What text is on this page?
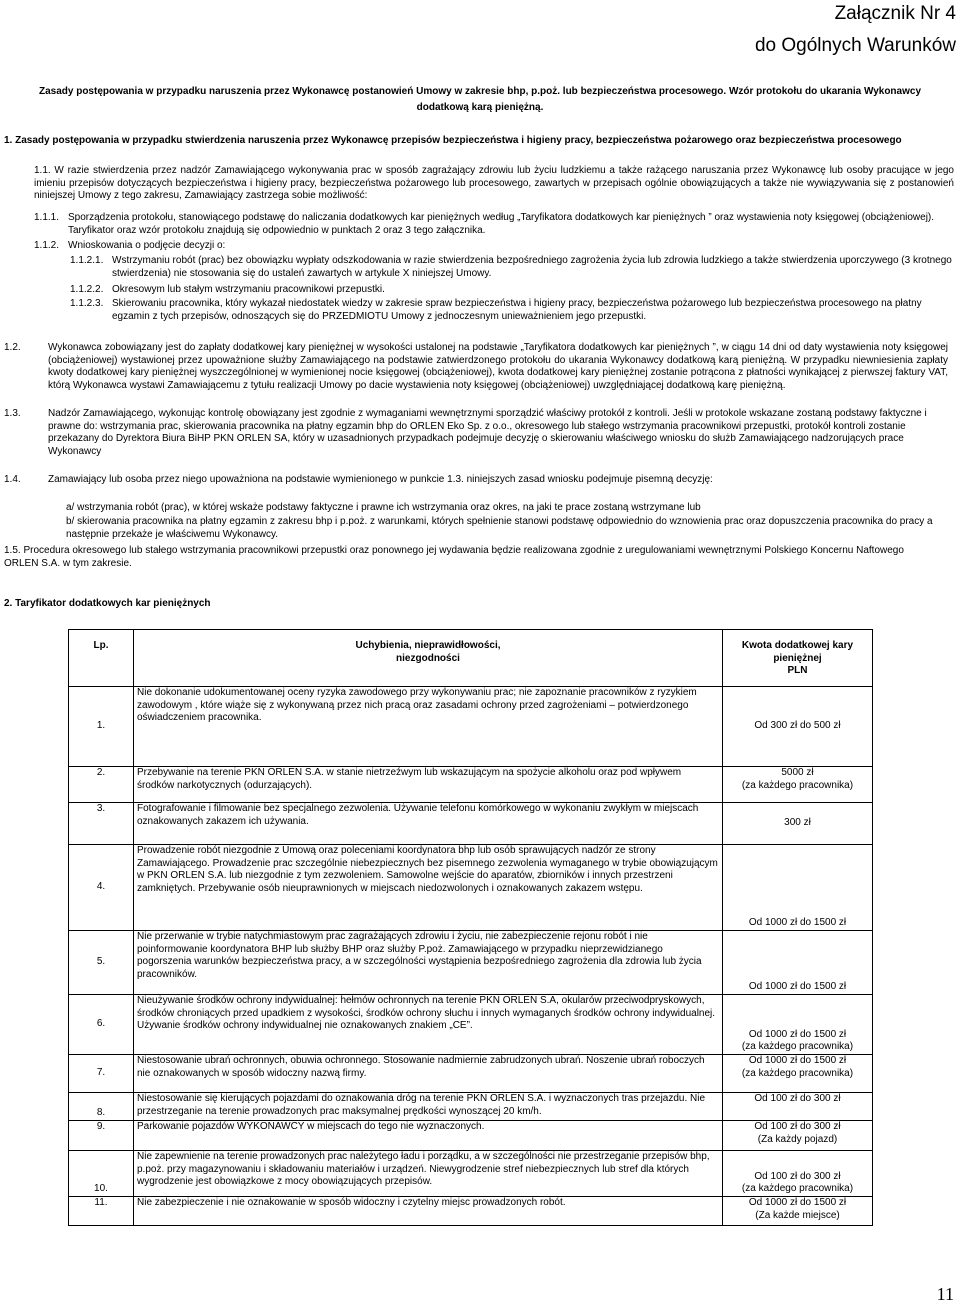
Załącznik Nr 4
do Ogólnych Warunków
Zasady postępowania w przypadku naruszenia przez Wykonawcę postanowień Umowy w zakresie bhp, p.poż. lub bezpieczeństwa procesowego. Wzór protokołu do ukarania Wykonawcy dodatkową karą pieniężną.
1. Zasady postępowania w przypadku stwierdzenia naruszenia przez Wykonawcę przepisów bezpieczeństwa i higieny pracy, bezpieczeństwa pożarowego oraz bezpieczeństwa procesowego
1.1. W razie stwierdzenia przez nadzór Zamawiającego wykonywania prac w sposób zagrażający zdrowiu lub życiu ludzkiemu a także rażącego naruszania przez Wykonawcę lub osoby pracujące w jego imieniu przepisów dotyczących bezpieczeństwa i higieny pracy, bezpieczeństwa pożarowego lub procesowego, zawartych w przepisach ogólnie obowiązujących a także nie wywiązywania się z postanowień niniejszej Umowy z tego zakresu, Zamawiający zastrzega sobie możliwość:
1.1.1. Sporządzenia protokołu, stanowiącego podstawę do naliczania dodatkowych kar pieniężnych według „Taryfikatora dodatkowych kar pieniężnych ” oraz wystawienia noty księgowej (obciążeniowej). Taryfikator oraz wzór protokołu znajdują się odpowiednio w punktach 2 oraz 3 tego załącznika.
1.1.2. Wnioskowania o podjęcie decyzji o:
1.1.2.1. Wstrzymaniu robót (prac) bez obowiązku wypłaty odszkodowania w razie stwierdzenia bezpośredniego zagrożenia życia lub zdrowia ludzkiego a także stwierdzenia uporczywego (3 krotnego stwierdzenia) nie stosowania się do ustaleń zawartych w artykule X niniejszej Umowy.
1.1.2.2. Okresowym lub stałym wstrzymaniu pracownikowi przepustki.
1.1.2.3. Skierowaniu pracownika, który wykazał niedostatek wiedzy w zakresie spraw bezpieczeństwa i higieny pracy, bezpieczeństwa pożarowego lub bezpieczeństwa procesowego na płatny egzamin z tych przepisów, odnoszących się do PRZEDMIOTU Umowy z jednoczesnym unieważnieniem jego przepustki.
1.2.	Wykonawca zobowiązany jest do zapłaty dodatkowej kary pieniężnej w wysokości ustalonej na podstawie „Taryfikatora dodatkowych kar pieniężnych ”, w ciągu 14 dni od daty wystawienia noty księgowej (obciążeniowej) wystawionej przez upoważnione służby Zamawiającego na podstawie zatwierdzonego protokołu do ukarania Wykonawcy dodatkową karą pieniężną. W przypadku niewniesienia zapłaty kwoty dodatkowej kary pieniężnej wyszczególnionej w wymienionej nocie księgowej (obciążeniowej), kwota dodatkowej kary pieniężnej zostanie potrącona z płatności wynikającej z pierwszej faktury VAT, którą Wykonawca wystawi Zamawiającemu z tytułu realizacji Umowy po dacie wystawienia noty księgowej (obciążeniowej) uwzględniającej dodatkową karę pieniężną.
1.3.	Nadzór Zamawiającego, wykonując kontrolę obowiązany jest zgodnie z wymaganiami wewnętrznymi sporządzić właściwy protokół z kontroli. Jeśli w protokole wskazane zostaną podstawy faktyczne i prawne do: wstrzymania prac, skierowania pracownika na płatny egzamin bhp do ORLEN Eko Sp. z o.o., okresowego lub stałego wstrzymania pracownikowi przepustki, protokół kontroli zostanie przekazany do Dyrektora Biura BiHP PKN ORLEN SA, który w uzasadnionych przypadkach podejmuje decyzję o skierowaniu właściwego wniosku do służb Zamawiającego nadzorujących prace Wykonawcy
1.4.	Zamawiający lub osoba przez niego upoważniona na podstawie wymienionego w punkcie 1.3. niniejszych zasad wniosku podejmuje pisemną decyzję:
a/ wstrzymania robót (prac), w której wskaże podstawy faktyczne i prawne ich wstrzymania oraz okres, na jaki te prace zostaną wstrzymane lub
b/ skierowania pracownika na płatny egzamin z zakresu bhp i p.poż. z warunkami, których spełnienie stanowi podstawę odpowiednio do wznowienia prac oraz dopuszczenia pracownika do pracy a następnie przekaże je właściwemu Wykonawcy.
1.5. Procedura okresowego lub stałego wstrzymania pracownikowi przepustki oraz ponownego jej wydawania będzie realizowana zgodnie z uregulowaniami wewnętrznymi Polskiego Koncernu Naftowego ORLEN S.A. w tym zakresie.
2. Taryfikator dodatkowych kar pieniężnych
Lp.	Uchybienia, nieprawidłowości,
niezgodności	Kwota dodatkowej kary
pieniężnej
PLN
1.	Nie dokonanie udokumentowanej oceny ryzyka zawodowego przy wykonywaniu prac; nie zapoznanie pracowników z ryzykiem zawodowym , które wiąże się z wykonywaną przez nich pracą oraz zasadami ochrony przed zagrożeniami – potwierdzonego oświadczeniem pracownika.	Od 300 zł do 500 zł
2.	Przebywanie na terenie PKN ORLEN S.A. w stanie nietrzeźwym lub wskazującym na spożycie alkoholu oraz pod wpływem środków narkotycznych (odurzających).	5000 zł
(za każdego pracownika)
3.	Fotografowanie i filmowanie bez specjalnego zezwolenia. Używanie telefonu komórkowego w wykonaniu zwykłym w miejscach oznakowanych zakazem ich używania.	300 zł
4.	Prowadzenie robót niezgodnie z Umową oraz poleceniami koordynatora bhp lub osób sprawujących nadzór ze strony Zamawiającego. Prowadzenie prac szczególnie niebezpiecznych bez pisemnego zezwolenia wymaganego w trybie obowiązującym w PKN ORLEN S.A. lub niezgodnie z tym zezwoleniem. Samowolne wejście do aparatów, zbiorników i innych przestrzeni zamkniętych. Przebywanie osób nieuprawnionych w miejscach niedozwolonych i oznakowanych zakazem wstępu.	Od 1000 zł do 1500 zł
5.	Nie przerwanie w trybie natychmiastowym prac zagrażających zdrowiu i życiu, nie zabezpieczenie rejonu robót i nie poinformowanie koordynatora BHP lub służby BHP oraz służby P.poż. Zamawiającego w przypadku nieprzewidzianego pogorszenia warunków bezpieczeństwa pracy, a w szczególności wystąpienia bezpośredniego zagrożenia dla zdrowia lub życia pracowników.	Od 1000 zł do 1500 zł
6.	Nieużywanie środków ochrony indywidualnej: hełmów ochronnych na terenie PKN ORLEN S.A, okularów przeciwodpryskowych, środków chroniących przed upadkiem z wysokości, środków ochrony słuchu i innych wymaganych środków ochrony indywidualnej. Używanie środków ochrony indywidualnej nie oznakowanych znakiem „CE”.	Od 1000 zł do 1500 zł
(za każdego pracownika)
7.	Niestosowanie ubrań ochronnych, obuwia ochronnego. Stosowanie nadmiernie zabrudzonych ubrań. Noszenie ubrań roboczych nie oznakowanych w sposób widoczny nazwą firmy.	Od 1000 zł do 1500 zł
(za każdego pracownika)
8.	Niestosowanie się kierujących pojazdami do oznakowania dróg na terenie PKN ORLEN S.A. i wyznaczonych tras przejazdu. Nie przestrzeganie na terenie prowadzonych prac maksymalnej prędkości wynoszącej 20 km/h.	Od 100 zł do 300 zł
9.	Parkowanie pojazdów WYKONAWCY w miejscach do tego nie wyznaczonych.	Od 100 zł do 300 zł
(Za każdy pojazd)
10.	Nie zapewnienie na terenie prowadzonych prac należytego ładu i porządku, a w szczególności nie przestrzeganie przepisów bhp, p.poż. przy magazynowaniu i składowaniu materiałów i urządzeń. Niewygrodzenie stref niebezpiecznych lub stref dla których wygrodzenie jest obowiązkowe z mocy obowiązujących przepisów.	Od 100 zł do 300 zł
(za każdego pracownika)
11.	Nie zabezpieczenie i nie oznakowanie w sposób widoczny i czytelny miejsc prowadzonych robót.	Od 1000 zł do 1500 zł
(Za każde miejsce)
11
